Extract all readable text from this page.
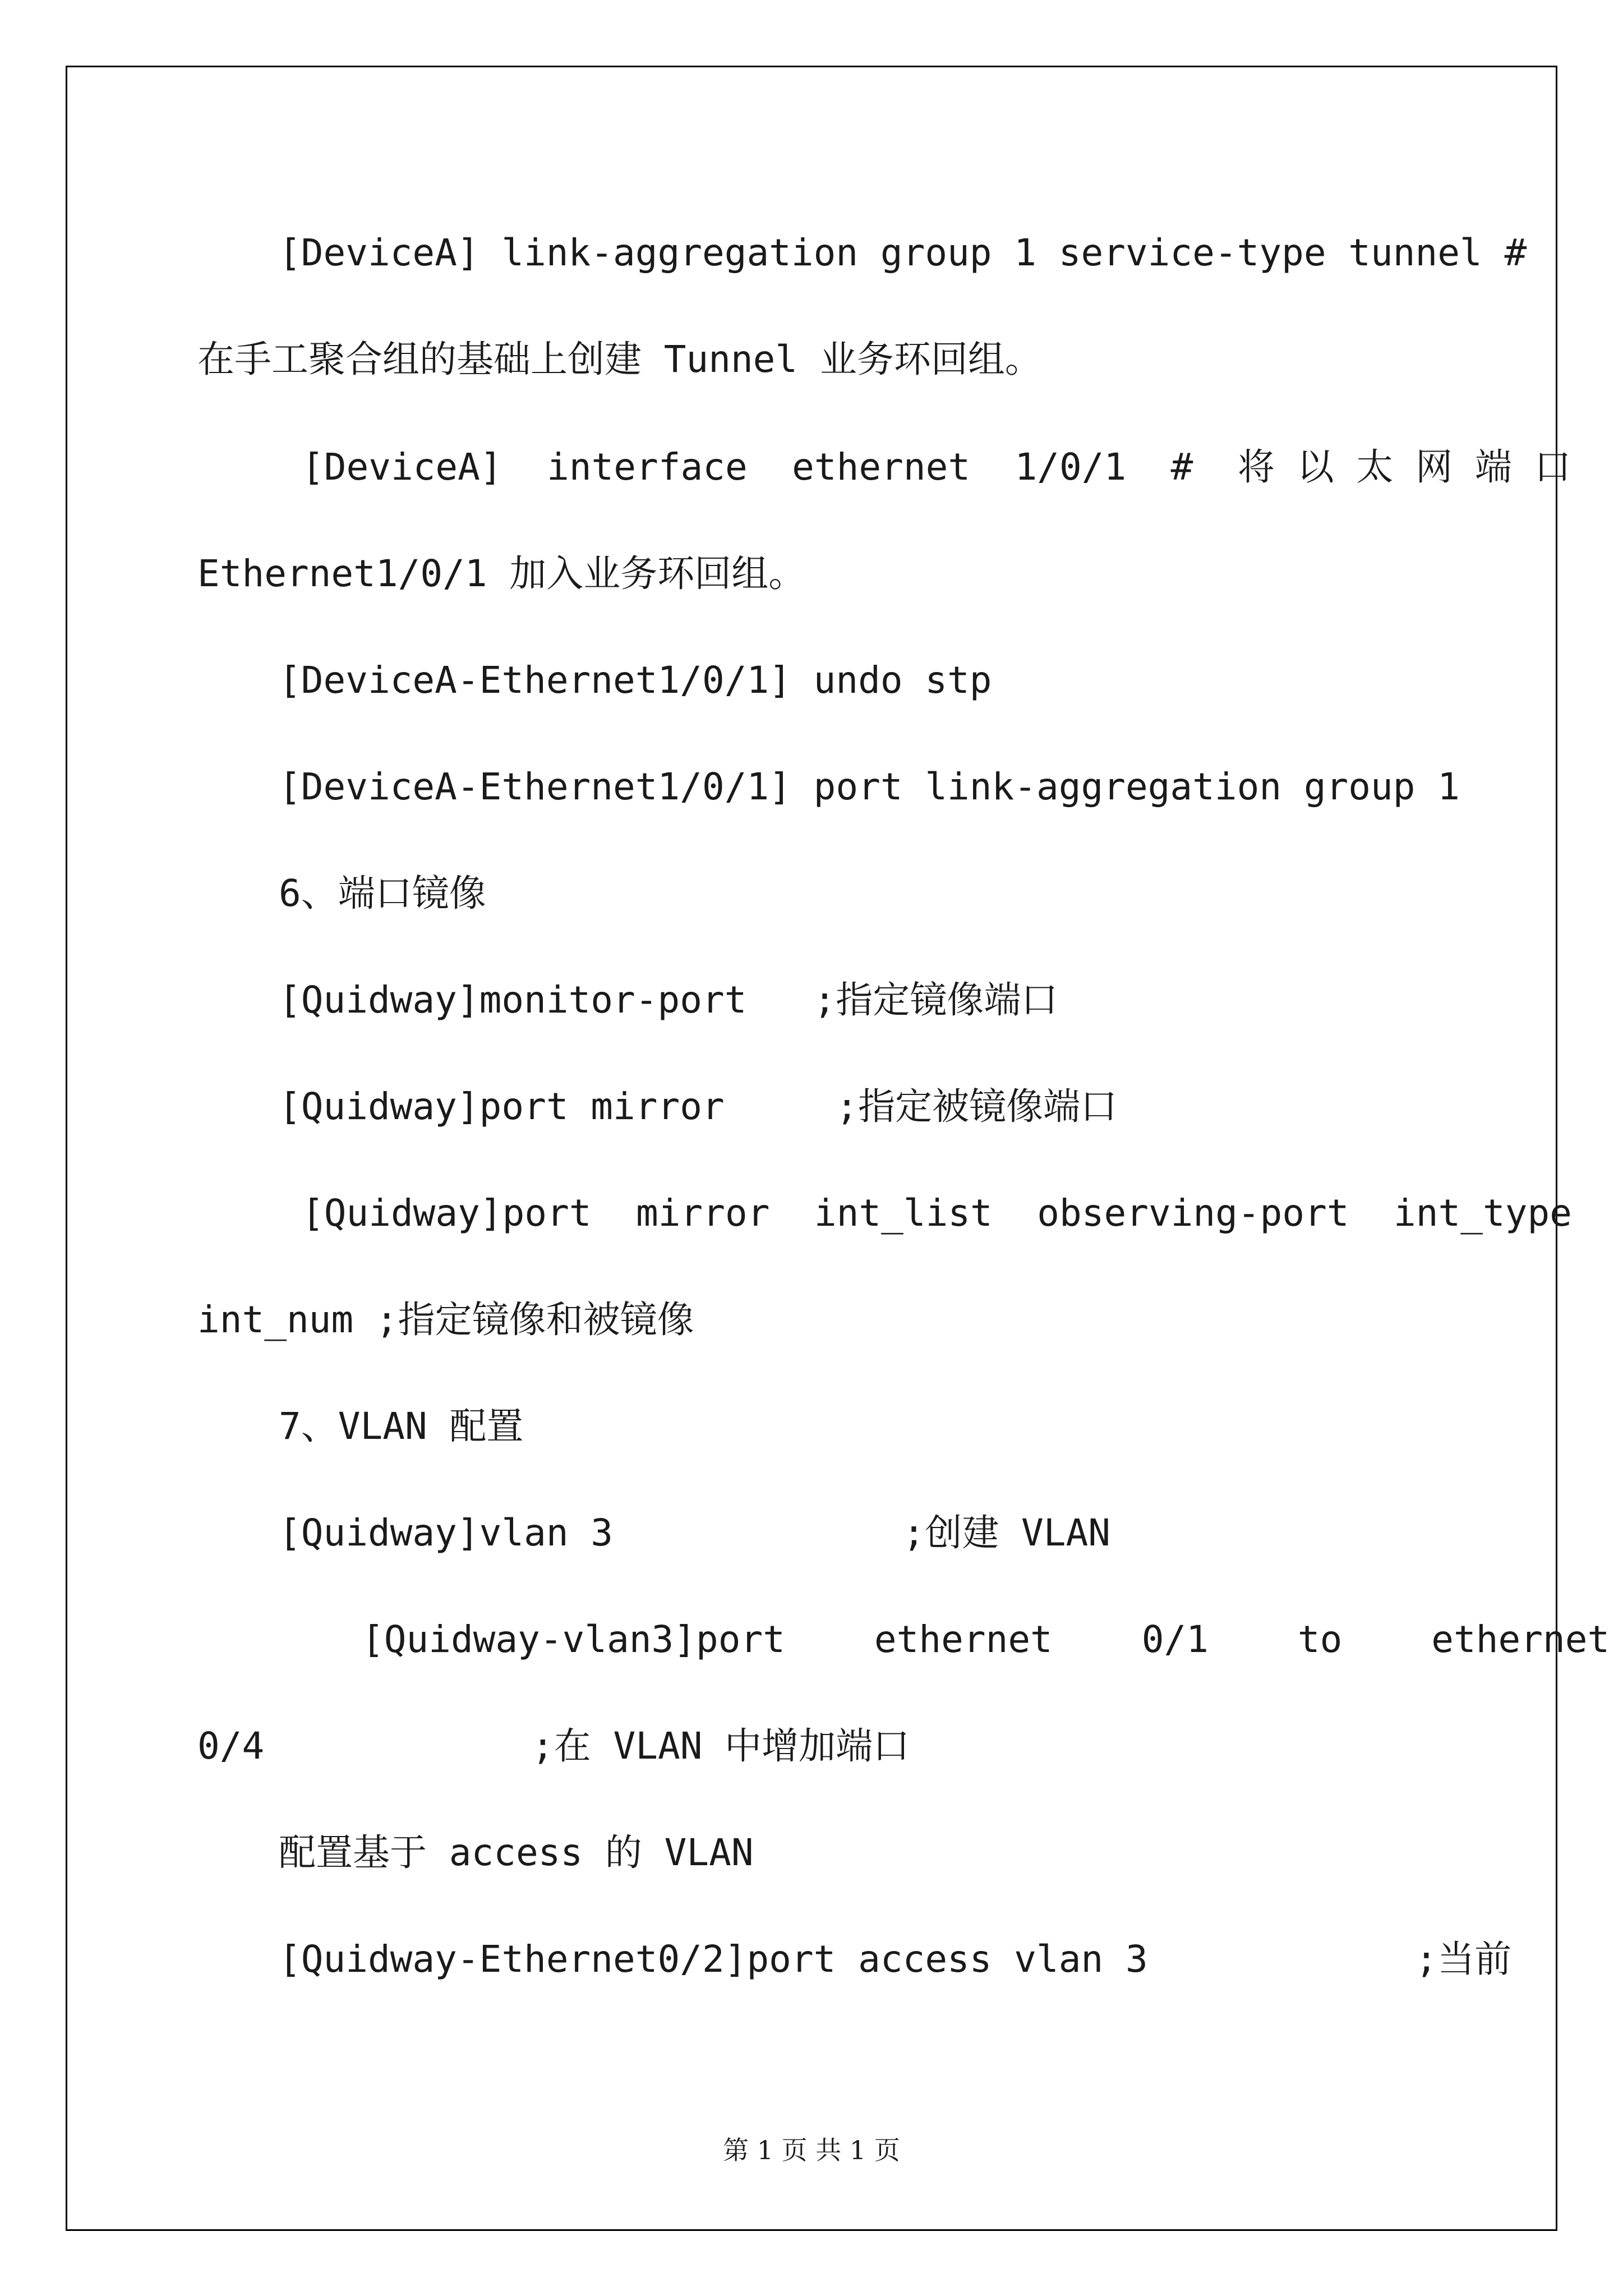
[DeviceA] link-aggregation group 1 service-type tunnel #
在手工聚合组的基础上创建 Tunnel 业务环回组。
[DeviceA]  interface  ethernet  1/0/1  #  将 以 太 网 端 口
Ethernet1/0/1 加入业务环回组。
[DeviceA-Ethernet1/0/1] undo stp
[DeviceA-Ethernet1/0/1] port link-aggregation group 1
6、端口镜像
[Quidway]monitor-port   ;指定镜像端口
[Quidway]port mirror     ;指定被镜像端口
[Quidway]port  mirror  int_list  observing-port  int_type
int_num ;指定镜像和被镜像
7、VLAN 配置
[Quidway]vlan 3             ;创建 VLAN
[Quidway-vlan3]port    ethernet    0/1    to    ethernet
0/4            ;在 VLAN 中增加端口
配置基于 access 的 VLAN
[Quidway-Ethernet0/2]port access vlan 3            ;当前
第 1 页 共 1 页
